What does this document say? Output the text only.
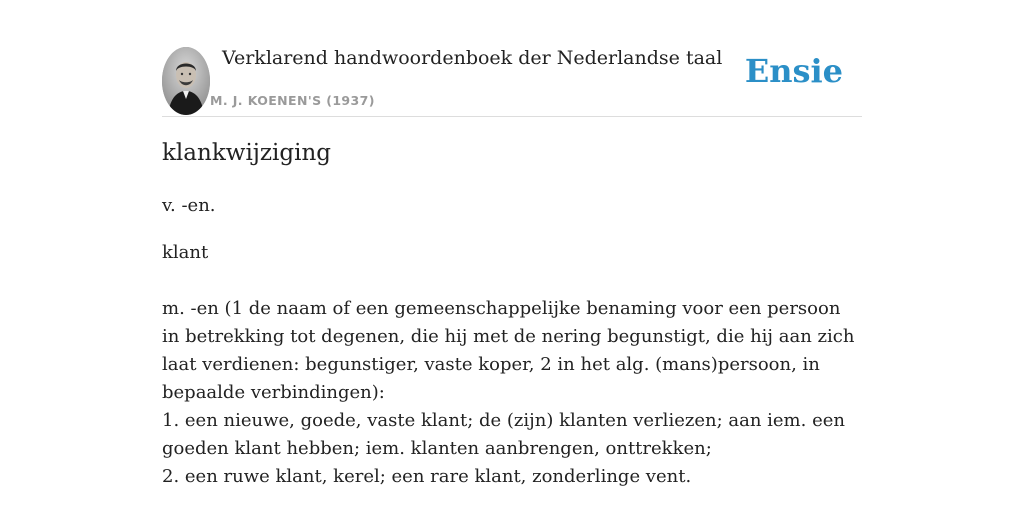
Verklarend handwoordenboek der Nederlandse taal
M. J. KOENEN'S (1937)
Ensie
klankwijziging
v. -en.
klant

m. -en (1 de naam of een gemeenschappelijke benaming voor een persoon in betrekking tot degenen, die hij met de nering begunstigt, die hij aan zich laat verdienen: begunstiger, vaste koper, 2 in het alg. (mans)persoon, in bepaalde verbindingen):

1. een nieuwe, goede, vaste klant; de (zijn) klanten verliezen; aan iem. een goeden klant hebben; iem. klanten aanbrengen, onttrekken;

2. een ruwe klant, kerel; een rare klant, zonderlinge vent.
